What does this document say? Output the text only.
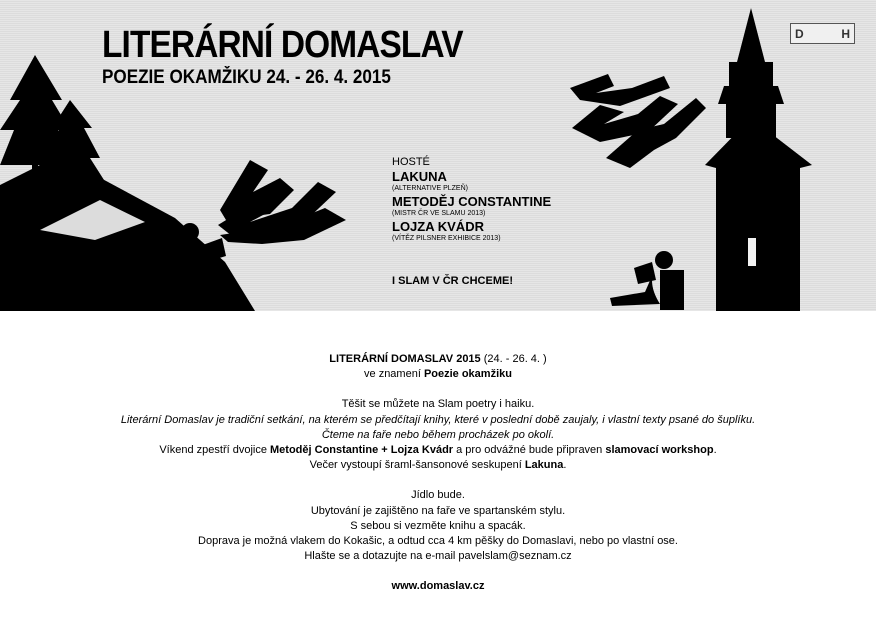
LITERÁRNÍ DOMASLAV
POEZIE OKAMŽIKU 24. - 26. 4. 2015
D	H
HOSTÉ
LAKUNA
(ALTERNATIVE PLZEŇ)
METODĚJ CONSTANTINE
(MISTR ČR VE SLAMU 2013)
LOJZA KVÁDR
(VÍTĚZ PILSNER EXHIBICE 2013)
I SLAM V ČR CHCEME!

LITERÁRNÍ DOMASLAV 2015 (24. - 26. 4. )

ve znamení Poezie okamžiku

Těšit se můžete na Slam poetry i haiku.

Literární Domaslav je tradiční setkání, na kterém se předčítají knihy, které v poslední době zaujaly, i vlastní texty psané do šuplíku.

Čteme na faře nebo během procházek po okolí.

Víkend zpestří dvojice Metoděj Constantine + Lojza Kvádr a pro odvážné bude připraven slamovací workshop.

Večer vystoupí šraml-šansonové seskupení Lakuna.

Jídlo bude.

Ubytování je zajištěno na faře ve spartanském stylu.

S sebou si vezměte knihu a spacák.

Doprava je možná vlakem do Kokašic, a odtud cca 4 km pěšky do Domaslavi, nebo po vlastní ose.

Hlašte se a dotazujte na e-mail pavelslam@seznam.cz

www.domaslav.cz
